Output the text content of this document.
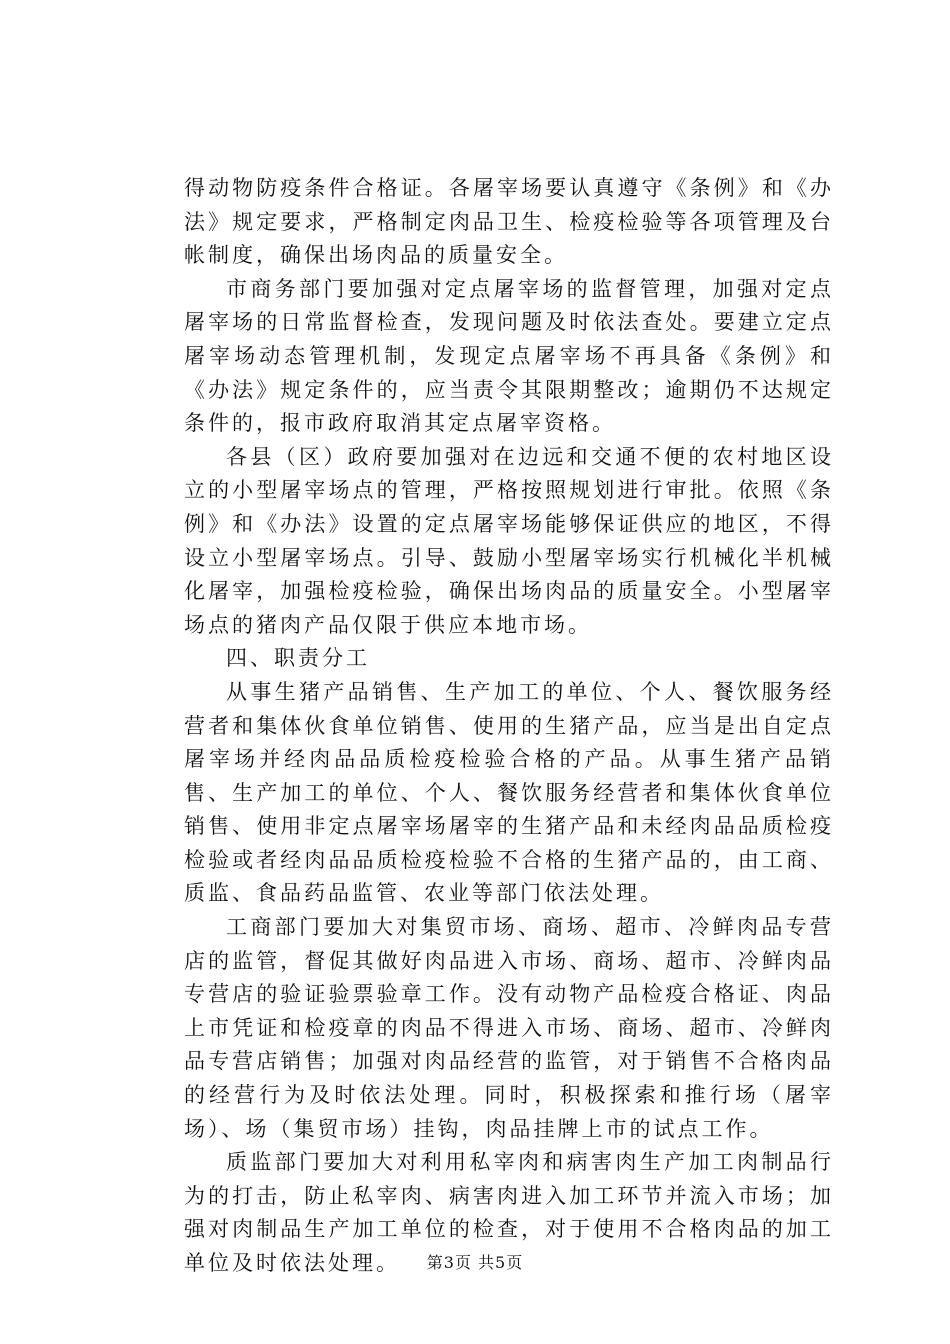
得动物防疫条件合格证。各屠宰场要认真遵守《条例》和《办法》规定要求，严格制定肉品卫生、检疫检验等各项管理及台帐制度，确保出场肉品的质量安全。

市商务部门要加强对定点屠宰场的监督管理，加强对定点屠宰场的日常监督检查，发现问题及时依法查处。要建立定点屠宰场动态管理机制，发现定点屠宰场不再具备《条例》和《办法》规定条件的，应当责令其限期整改；逾期仍不达规定条件的，报市政府取消其定点屠宰资格。

各县（区）政府要加强对在边远和交通不便的农村地区设立的小型屠宰场点的管理，严格按照规划进行审批。依照《条例》和《办法》设置的定点屠宰场能够保证供应的地区，不得设立小型屠宰场点。引导、鼓励小型屠宰场实行机械化半机械化屠宰，加强检疫检验，确保出场肉品的质量安全。小型屠宰场点的猪肉产品仅限于供应本地市场。

四、职责分工

从事生猪产品销售、生产加工的单位、个人、餐饮服务经营者和集体伙食单位销售、使用的生猪产品，应当是出自定点屠宰场并经肉品品质检疫检验合格的产品。从事生猪产品销售、生产加工的单位、个人、餐饮服务经营者和集体伙食单位销售、使用非定点屠宰场屠宰的生猪产品和未经肉品品质检疫检验或者经肉品品质检疫检验不合格的生猪产品的，由工商、质监、食品药品监管、农业等部门依法处理。

工商部门要加大对集贸市场、商场、超市、冷鲜肉品专营店的监管，督促其做好肉品进入市场、商场、超市、冷鲜肉品专营店的验证验票验章工作。没有动物产品检疫合格证、肉品上市凭证和检疫章的肉品不得进入市场、商场、超市、冷鲜肉品专营店销售；加强对肉品经营的监管，对于销售不合格肉品的经营行为及时依法处理。同时，积极探索和推行场（屠宰场）、场（集贸市场）挂钩，肉品挂牌上市的试点工作。

质监部门要加大对利用私宰肉和病害肉生产加工肉制品行为的打击，防止私宰肉、病害肉进入加工环节并流入市场；加强对肉制品生产加工单位的检查，对于使用不合格肉品的加工单位及时依法处理。	第3页 共5页
